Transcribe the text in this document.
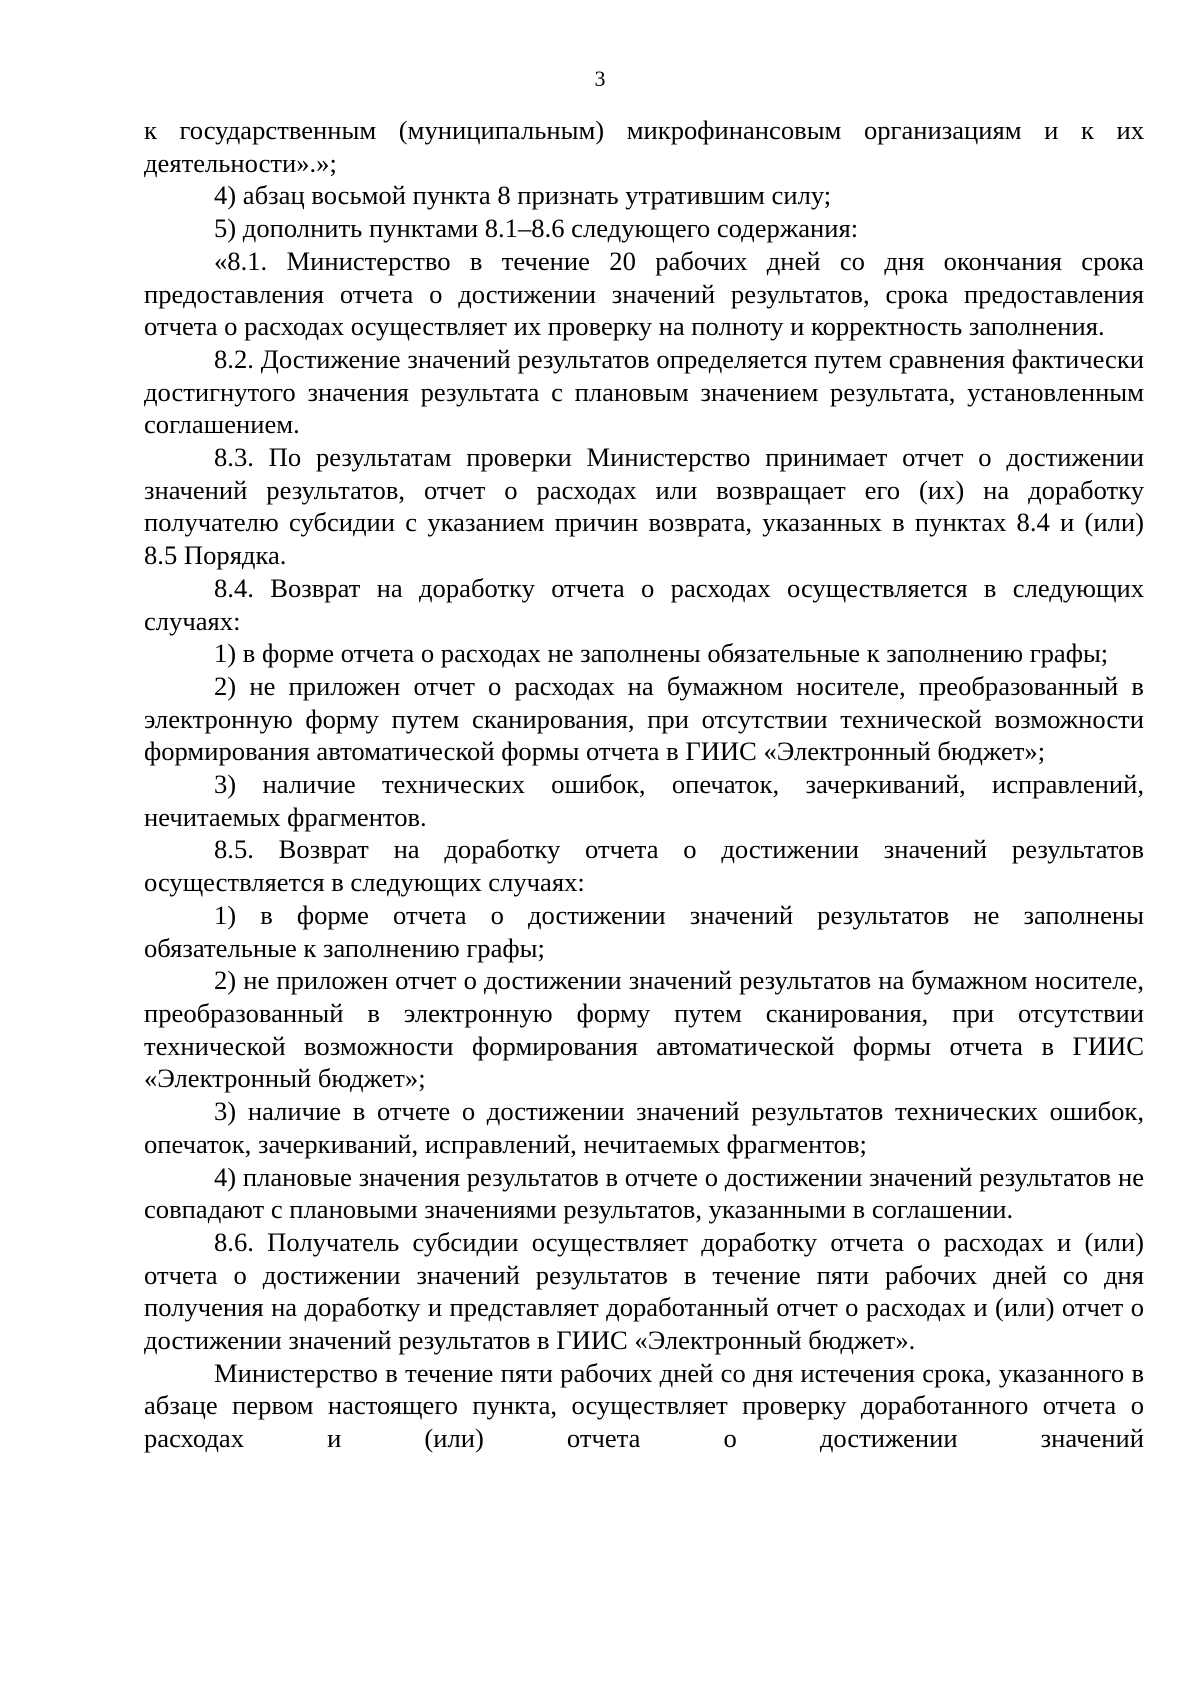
3

к государственным (муниципальным) микрофинансовым организациям и к их деятельности».»;

4) абзац восьмой пункта 8 признать утратившим силу;

5) дополнить пунктами 8.1–8.6 следующего содержания:

«8.1. Министерство в течение 20 рабочих дней со дня окончания срока предоставления отчета о достижении значений результатов, срока предоставления отчета о расходах осуществляет их проверку на полноту и корректность заполнения.

8.2. Достижение значений результатов определяется путем сравнения фактически достигнутого значения результата с плановым значением результата, установленным соглашением.

8.3. По результатам проверки Министерство принимает отчет о достижении значений результатов, отчет о расходах или возвращает его (их) на доработку получателю субсидии с указанием причин возврата, указанных в пунктах 8.4 и (или) 8.5 Порядка.

8.4. Возврат на доработку отчета о расходах осуществляется в следующих случаях:

1) в форме отчета о расходах не заполнены обязательные к заполнению графы;

2) не приложен отчет о расходах на бумажном носителе, преобразованный в электронную форму путем сканирования, при отсутствии технической возможности формирования автоматической формы отчета в ГИИС «Электронный бюджет»;

3) наличие технических ошибок, опечаток, зачеркиваний, исправлений, нечитаемых фрагментов.

8.5. Возврат на доработку отчета о достижении значений результатов осуществляется в следующих случаях:

1) в форме отчета о достижении значений результатов не заполнены обязательные к заполнению графы;

2) не приложен отчет о достижении значений результатов на бумажном носителе, преобразованный в электронную форму путем сканирования, при отсутствии технической возможности формирования автоматической формы отчета в ГИИС «Электронный бюджет»;

3) наличие в отчете о достижении значений результатов технических ошибок, опечаток, зачеркиваний, исправлений, нечитаемых фрагментов;

4) плановые значения результатов в отчете о достижении значений результатов не совпадают с плановыми значениями результатов, указанными в соглашении.

8.6. Получатель субсидии осуществляет доработку отчета о расходах и (или) отчета о достижении значений результатов в течение пяти рабочих дней со дня получения на доработку и представляет доработанный отчет о расходах и (или) отчет о достижении значений результатов в ГИИС «Электронный бюджет».

Министерство в течение пяти рабочих дней со дня истечения срока, указанного в абзаце первом настоящего пункта, осуществляет проверку доработанного отчета о расходах и (или) отчета о достижении значений
